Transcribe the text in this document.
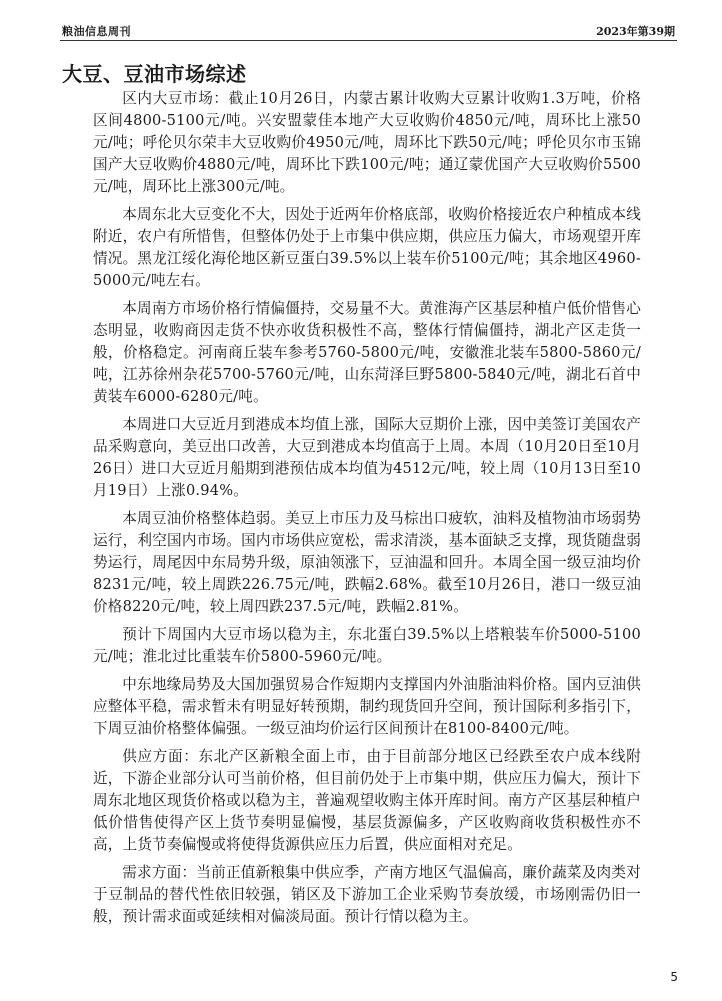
粮油信息周刊	2023年第39期
大豆、豆油市场综述

区内大豆市场：截止10月26日，内蒙古累计收购大豆累计收购1.3万吨，价格区间4800-5100元/吨。兴安盟蒙佳本地产大豆收购价4850元/吨，周环比上涨50元/吨；呼伦贝尔荣丰大豆收购价4950元/吨，周环比下跌50元/吨；呼伦贝尔市玉锦国产大豆收购价4880元/吨，周环比下跌100元/吨；通辽蒙优国产大豆收购价5500元/吨，周环比上涨300元/吨。

本周东北大豆变化不大，因处于近两年价格底部，收购价格接近农户种植成本线附近，农户有所惜售，但整体仍处于上市集中供应期，供应压力偏大，市场观望开库情况。黑龙江绥化海伦地区新豆蛋白39.5%以上装车价5100元/吨；其余地区4960-5000元/吨左右。

本周南方市场价格行情偏僵持，交易量不大。黄淮海产区基层种植户低价惜售心态明显，收购商因走货不快亦收货积极性不高，整体行情偏僵持，湖北产区走货一般，价格稳定。河南商丘装车参考5760-5800元/吨，安徽淮北装车5800-5860元/吨，江苏徐州杂花5700-5760元/吨，山东菏泽巨野5800-5840元/吨，湖北石首中黄装车6000-6280元/吨。

本周进口大豆近月到港成本均值上涨，国际大豆期价上涨，因中美签订美国农产品采购意向，美豆出口改善，大豆到港成本均值高于上周。本周（10月20日至10月26日）进口大豆近月船期到港预估成本均值为4512元/吨，较上周（10月13日至10月19日）上涨0.94%。

本周豆油价格整体趋弱。美豆上市压力及马棕出口疲软，油料及植物油市场弱势运行，利空国内市场。国内市场供应宽松，需求清淡，基本面缺乏支撑，现货随盘弱势运行，周尾因中东局势升级，原油领涨下，豆油温和回升。本周全国一级豆油均价8231元/吨，较上周跌226.75元/吨，跌幅2.68%。截至10月26日，港口一级豆油价格8220元/吨，较上周四跌237.5元/吨，跌幅2.81%。

预计下周国内大豆市场以稳为主，东北蛋白39.5%以上塔粮装车价5000-5100元/吨；淮北过比重装车价5800-5960元/吨。

中东地缘局势及大国加强贸易合作短期内支撑国内外油脂油料价格。国内豆油供应整体平稳，需求暂未有明显好转预期，制约现货回升空间，预计国际利多指引下，下周豆油价格整体偏强。一级豆油均价运行区间预计在8100-8400元/吨。

供应方面：东北产区新粮全面上市，由于目前部分地区已经跌至农户成本线附近，下游企业部分认可当前价格，但目前仍处于上市集中期，供应压力偏大，预计下周东北地区现货价格或以稳为主，普遍观望收购主体开库时间。南方产区基层种植户低价惜售使得产区上货节奏明显偏慢，基层货源偏多，产区收购商收货积极性亦不高，上货节奏偏慢或将使得货源供应压力后置，供应面相对充足。

需求方面：当前正值新粮集中供应季，产南方地区气温偏高，廉价蔬菜及肉类对于豆制品的替代性依旧较强，销区及下游加工企业采购节奏放缓，市场刚需仍旧一般，预计需求面或延续相对偏淡局面。预计行情以稳为主。

5
